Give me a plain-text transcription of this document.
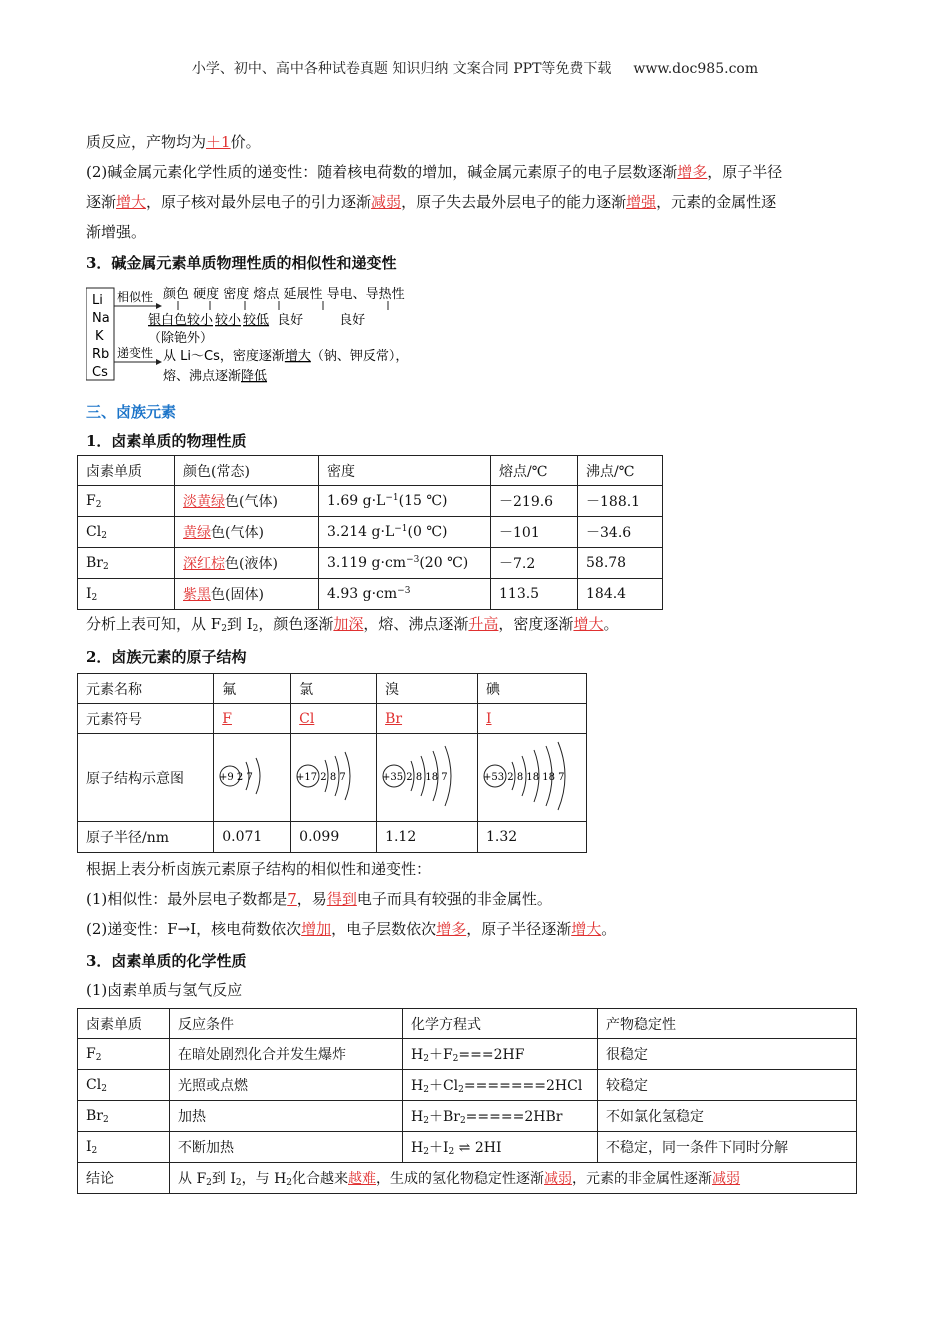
小学、初中、高中各种试卷真题 知识归纳 文案合同 PPT等免费下载 www.doc985.com
质反应，产物均为＋1价。
(2)碱金属元素化学性质的递变性：随着核电荷数的增加，碱金属元素原子的电子层数逐渐增多，原子半径
逐渐增大，原子核对最外层电子的引力逐渐减弱，原子失去最外层电子的能力逐渐增强，元素的金属性逐
渐增强。
3．碱金属元素单质物理性质的相似性和递变性
Li
Na
K
Rb
Cs
相似性 颜色 硬度 密度 熔点 延展性 导电、导热性
银白色较小 较小 较低 良好	良好
（除铯外）
递变性 从 Li～Cs，密度逐渐增大（钠、钾反常），
熔、沸点逐渐降低
三、卤族元素
1．卤素单质的物理性质
卤素单质	颜色(常态)	密度	熔点/℃	沸点/℃
$F_2$	淡黄绿色(气体)	1.69 $g\cdot L^{-1}(15$ ℃)	－219.6	－188.1
$Cl_2$	黄绿色(气体)	3.214 $g\cdot L^{-1}(0$ ℃)	－101	－34.6
$Br_2$	深红棕色(液体)	3.119 $g\cdot cm^{-3}(20$ ℃)	－7.2	58.78
$I_2$	紫黑色(固体)	4.93 $g\cdot cm^{-3}$	113.5	184.4
分析上表可知，从 $F_2$到 $I_2$，颜色逐渐加深，熔、沸点逐渐升高，密度逐渐增大。
2．卤族元素的原子结构
元素名称	氟	氯	溴	碘
元素符号	F	Cl	Br	I
原子结构示意图	+9 2 7	+17 2 8 7	+35 2 8 18 7	+53 2 8 18 18 7

原子半径/nm	0.071	0.099	1.12	1.32
根据上表分析卤族元素原子结构的相似性和递变性：
(1)相似性：最外层电子数都是7，易得到电子而具有较强的非金属性。
(2)递变性：F→I，核电荷数依次增加，电子层数依次增多，原子半径逐渐增大。
3．卤素单质的化学性质
(1)卤素单质与氢气反应
卤素单质	反应条件	化学方程式	产物稳定性
$F_2$	在暗处剧烈化合并发生爆炸	$H_2+F_2===2HF$	很稳定
$Cl_2$	光照或点燃	$H_2+Cl_2=======2HCl$	较稳定
$Br_2$	加热	$H_2+Br_2=====2HBr$	不如氯化氢稳定
$I_2$	不断加热	$H_2+I_2$ ⇌ 2HI	不稳定，同一条件下同时分解
结论	从 $F_2$到 $I_2$，与 $H_2$化合越来越难，生成的氢化物稳定性逐渐减弱，元素的非金属性逐渐减弱		
